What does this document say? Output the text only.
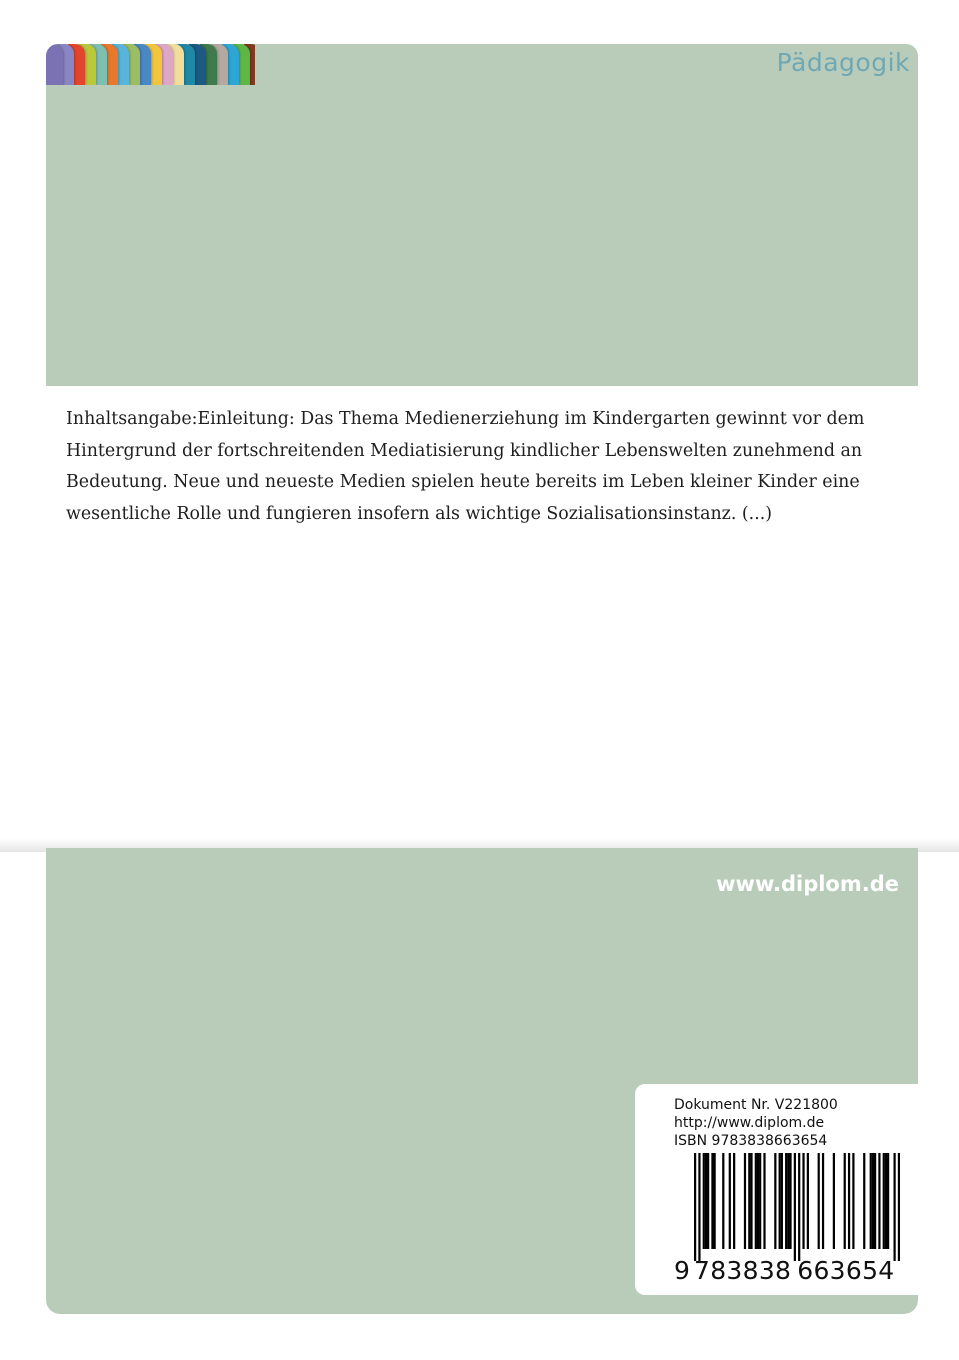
Pädagogik

Inhaltsangabe:Einleitung: Das Thema Medienerziehung im Kindergarten gewinnt vor dem Hintergrund der fortschreitenden Mediatisierung kindlicher Lebenswelten zunehmend an Bedeutung. Neue und neueste Medien spielen heute bereits im Leben kleiner Kinder eine wesentliche Rolle und fungieren insofern als wichtige Sozialisationsinstanz. (...)

www.diplom.de
Dokument Nr. V221800
http://www.diplom.de
ISBN 9783838663654
9 783838 663654
